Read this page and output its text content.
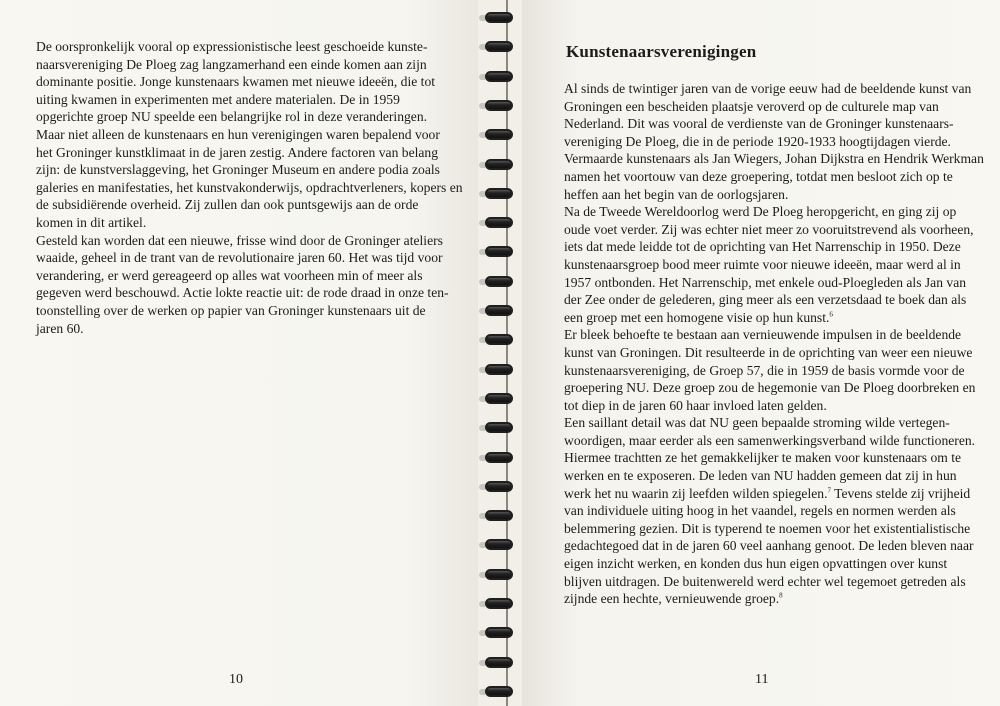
De oorspronkelijk vooral op expressionistische leest geschoeide kunste-
naarsvereniging De Ploeg zag langzamerhand een einde komen aan zijn
dominante positie. Jonge kunstenaars kwamen met nieuwe ideeën, die tot
uiting kwamen in experimenten met andere materialen. De in 1959
opgerichte groep NU speelde een belangrijke rol in deze veranderingen.
Maar niet alleen de kunstenaars en hun verenigingen waren bepalend voor
het Groninger kunstklimaat in de jaren zestig. Andere factoren van belang
zijn: de kunstverslaggeving, het Groninger Museum en andere podia zoals
galeries en manifestaties, het kunstvakonderwijs, opdrachtverleners, kopers en
de subsidiërende overheid. Zij zullen dan ook puntsgewijs aan de orde
komen in dit artikel.
Gesteld kan worden dat een nieuwe, frisse wind door de Groninger ateliers
waaide, geheel in de trant van de revolutionaire jaren 60. Het was tijd voor
verandering, er werd gereageerd op alles wat voorheen min of meer als
gegeven werd beschouwd. Actie lokte reactie uit: de rode draad in onze ten-
toonstelling over de werken op papier van Groninger kunstenaars uit de
jaren 60.
10
Kunstenaarsverenigingen
Al sinds de twintiger jaren van de vorige eeuw had de beeldende kunst van
Groningen een bescheiden plaatsje veroverd op de culturele map van
Nederland. Dit was vooral de verdienste van de Groninger kunstenaars-
vereniging De Ploeg, die in de periode 1920-1933 hoogtijdagen vierde.
Vermaarde kunstenaars als Jan Wiegers, Johan Dijkstra en Hendrik Werkman
namen het voortouw van deze groepering, totdat men besloot zich op te
heffen aan het begin van de oorlogsjaren.
Na de Tweede Wereldoorlog werd De Ploeg heropgericht, en ging zij op
oude voet verder. Zij was echter niet meer zo vooruitstrevend als voorheen,
iets dat mede leidde tot de oprichting van Het Narrenschip in 1950. Deze
kunstenaarsgroep bood meer ruimte voor nieuwe ideeën, maar werd al in
1957 ontbonden. Het Narrenschip, met enkele oud-Ploegleden als Jan van
der Zee onder de gelederen, ging meer als een verzetsdaad te boek dan als
een groep met een homogene visie op hun kunst.$^6$
Er bleek behoefte te bestaan aan vernieuwende impulsen in de beeldende
kunst van Groningen. Dit resulteerde in de oprichting van weer een nieuwe
kunstenaarsvereniging, de Groep 57, die in 1959 de basis vormde voor de
groepering NU. Deze groep zou de hegemonie van De Ploeg doorbreken en
tot diep in de jaren 60 haar invloed laten gelden.
Een saillant detail was dat NU geen bepaalde stroming wilde vertegen-
woordigen, maar eerder als een samenwerkingsverband wilde functioneren.
Hiermee trachtten ze het gemakkelijker te maken voor kunstenaars om te
werken en te exposeren. De leden van NU hadden gemeen dat zij in hun
werk het nu waarin zij leefden wilden spiegelen.$^7$ Tevens stelde zij vrijheid
van individuele uiting hoog in het vaandel, regels en normen werden als
belemmering gezien. Dit is typerend te noemen voor het existentialistische
gedachtegoed dat in de jaren 60 veel aanhang genoot. De leden bleven naar
eigen inzicht werken, en konden dus hun eigen opvattingen over kunst
blijven uitdragen. De buitenwereld werd echter wel tegemoet getreden als
zijnde een hechte, vernieuwende groep.$^8$
11
